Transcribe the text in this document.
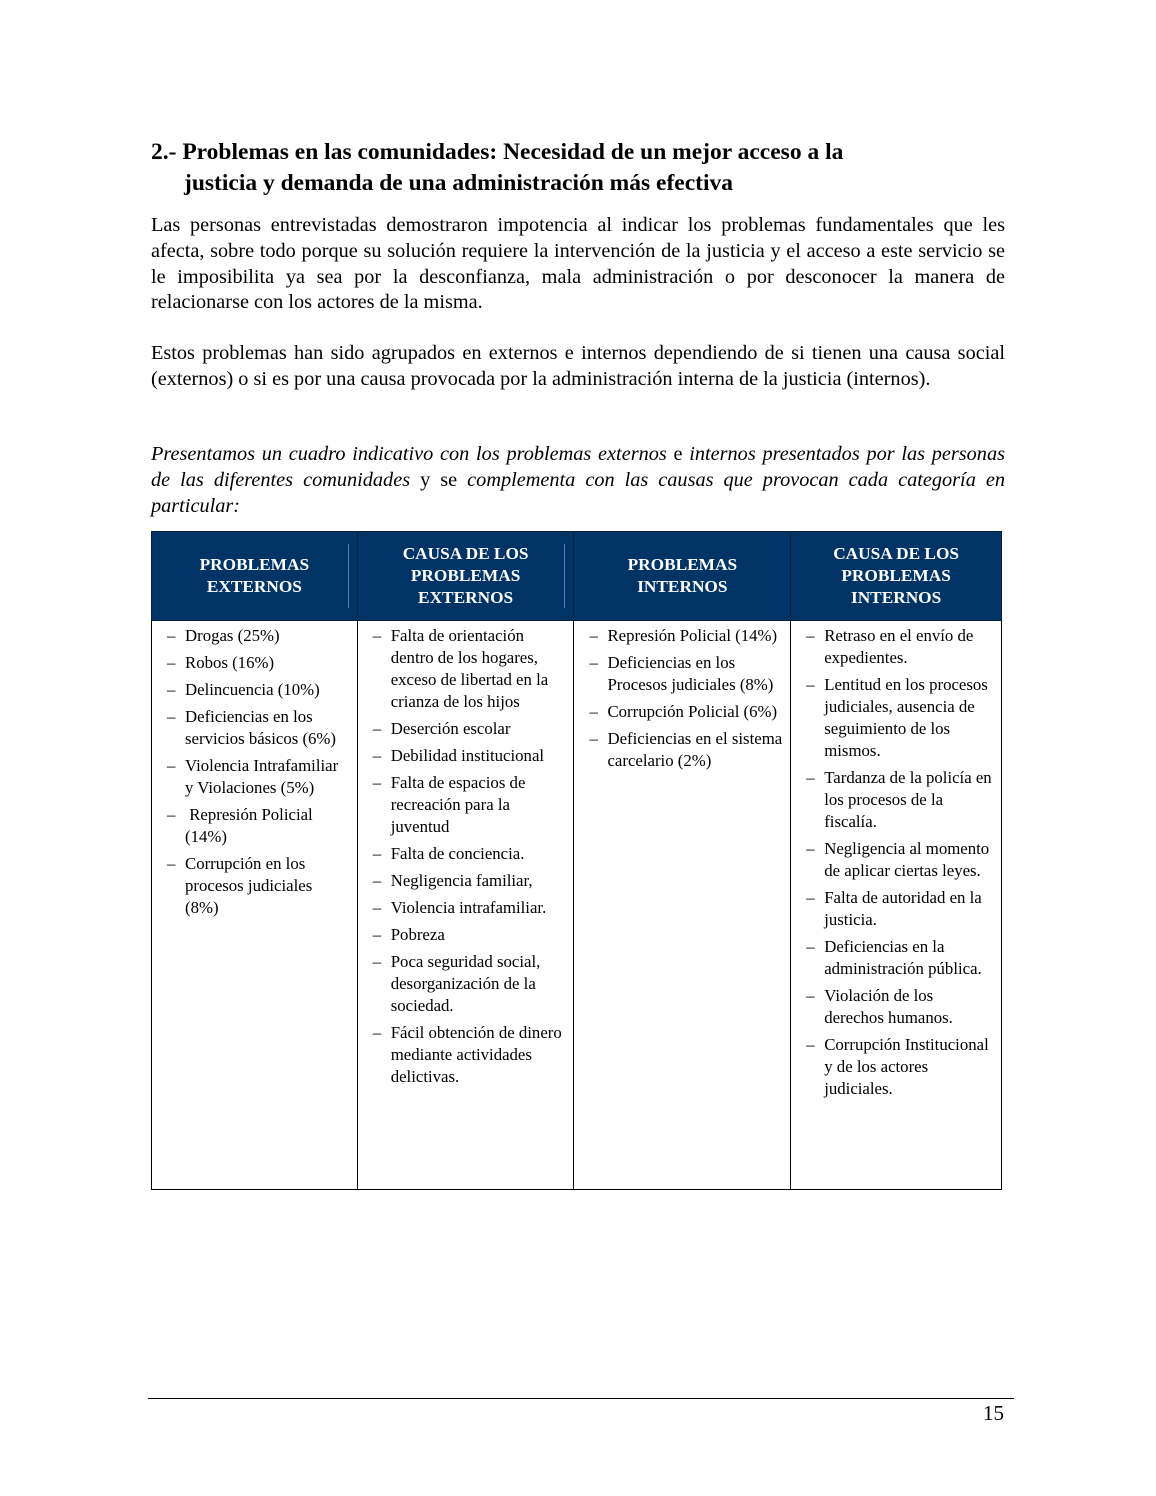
2.- Problemas en las comunidades: Necesidad de un mejor acceso a la
justicia y demanda de una administración más efectiva

Las personas entrevistadas demostraron impotencia al indicar los problemas fundamentales que les afecta, sobre todo porque su solución requiere la intervención de la justicia y el acceso a este servicio se le imposibilita ya sea por la desconfianza, mala administración o por desconocer la manera de relacionarse con los actores de la misma.

Estos problemas han sido agrupados en externos e internos dependiendo de si tienen una causa social (externos) o si es por una causa provocada por la administración interna de la justicia (internos).

Presentamos un cuadro indicativo con los problemas externos e internos presentados por las personas de las diferentes comunidades y se complementa con las causas que provocan cada categoría en particular:

PROBLEMAS EXTERNOS	CAUSA DE LOS PROBLEMAS EXTERNOS	PROBLEMAS INTERNOS	CAUSA DE LOS PROBLEMAS INTERNOS

– Drogas (25%)
– Robos (16%)
– Delincuencia (10%)
– Deficiencias en los servicios básicos (6%)
– Violencia Intrafamiliar y Violaciones (5%)
– Represión Policial (14%)
– Corrupción en los procesos judiciales (8%)

– Falta de orientación dentro de los hogares, exceso de libertad en la crianza de los hijos
– Deserción escolar
– Debilidad institucional
– Falta de espacios de recreación para la juventud
– Falta de conciencia.
– Negligencia familiar,
– Violencia intrafamiliar.
– Pobreza
– Poca seguridad social, desorganización de la sociedad.
– Fácil obtención de dinero mediante actividades delictivas.

– Represión Policial (14%)
– Deficiencias en los Procesos judiciales (8%)
– Corrupción Policial (6%)
– Deficiencias en el sistema carcelario (2%)

– Retraso en el envío de expedientes.
– Lentitud en los procesos judiciales, ausencia de seguimiento de los mismos.
– Tardanza de la policía en los procesos de la fiscalía.
– Negligencia al momento de aplicar ciertas leyes.
– Falta de autoridad en la justicia.
– Deficiencias en la administración pública.
– Violación de los derechos humanos.
– Corrupción Institucional y de los actores judiciales.
15
